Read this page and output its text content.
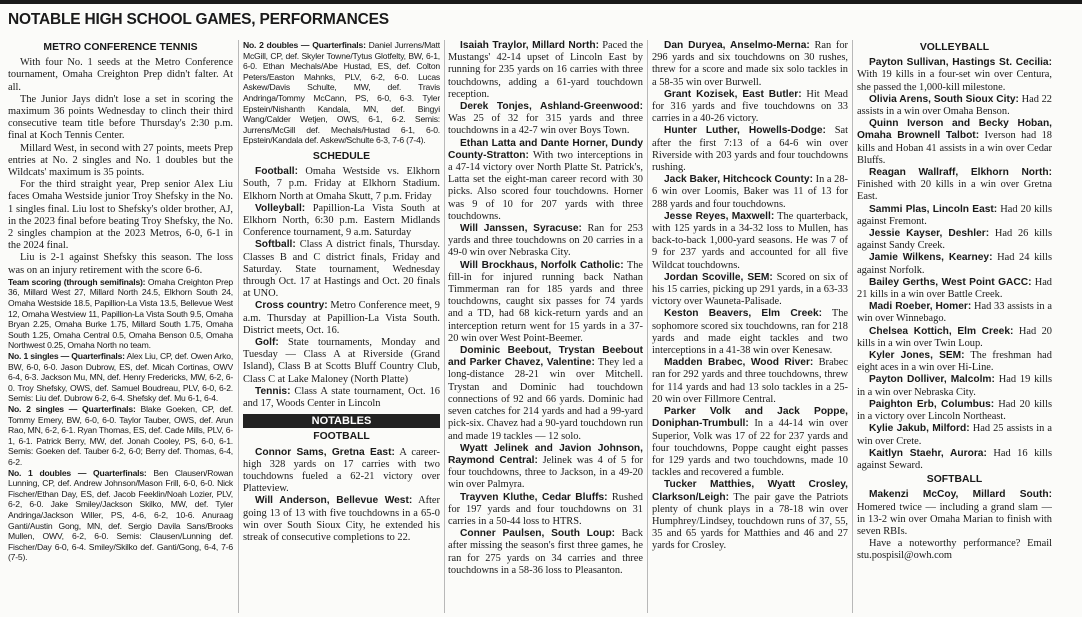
NOTABLE HIGH SCHOOL GAMES, PERFORMANCES
METRO CONFERENCE TENNIS

With four No. 1 seeds at the Metro Conference tournament, Omaha Creighton Prep didn't falter. At all.

The Junior Jays didn't lose a set in scoring the maximum 36 points Wednesday to clinch their third consecutive team title before Thursday's 2:30 p.m. final at Koch Tennis Center.

Millard West, in second with 27 points, meets Prep entries at No. 2 singles and No. 1 doubles but the Wildcats' maximum is 35 points.

For the third straight year, Prep senior Alex Liu faces Omaha Westside junior Troy Shefsky in the No. 1 singles final. Liu lost to Shefsky's older brother, AJ, in the 2023 final before beating Troy Shefsky, the No. 2 singles champion at the 2023 Metros, 6-0, 6-1 in the 2024 final.

Liu is 2-1 against Shefsky this season. The loss was on an injury retirement with the score 6-6.

Team scoring (through semifinals): Omaha Creighton Prep 36, Millard West 27, Millard North 24.5, Elkhorn South 24, Omaha Westside 18.5, Papillion-La Vista 13.5, Bellevue West 12, Omaha Westview 11, Papillion-La Vista South 9.5, Omaha Bryan 2.25, Omaha Burke 1.75, Millard South 1.75, Omaha South 1.25, Omaha Central 0.5, Omaha Benson 0.5, Omaha Northwest 0.25, Omaha North no team.

No. 1 singles — Quarterfinals: Alex Liu, CP, def. Owen Arko, BW, 6-0, 6-0. Jason Dubrow, ES, def. Micah Cortinas, OWV 6-4, 6-3. Jackson Mu, MN, def. Henry Fredericks, MW, 6-2, 6-0. Troy Shefsky, OWS, def. Samuel Boudreau, PLV, 6-0, 6-2. Semis: Liu def. Dubrow 6-2, 6-4. Shefsky def. Mu 6-1, 6-4.

No. 2 singles — Quarterfinals: Blake Goeken, CP, def. Tommy Emery, BW, 6-0, 6-0. Taylor Tauber, OWS, def. Arun Rao, MN, 6-2, 6-1. Ryan Thomas, ES, def. Cade Mills, PLV, 6-1, 6-1. Patrick Berry, MW, def. Jonah Cooley, PS, 6-0, 6-1. Semis: Goeken def. Tauber 6-2, 6-0; Berry def. Thomas, 6-4, 6-2.

No. 1 doubles — Quarterfinals: Ben Clausen/Rowan Lunning, CP, def. Andrew Johnson/Mason Frill, 6-0, 6-0. Nick Fischer/Ethan Day, ES, def. Jacob Feeklin/Noah Lozier, PLV, 6-2, 6-0. Jake Smiley/Jackson Skilko, MW, def. Tyler Andringa/Jackson Willer, PS, 4-6, 6-2, 10-6. Anuraag Ganti/Austin Gong, MN, def. Sergio Davila Sans/Brooks Mullen, OWV, 6-2, 6-0. Semis: Clausen/Lunning def. Fischer/Day 6-0, 6-4. Smiley/Skilko def. Ganti/Gong, 6-4, 7-6 (7-5).

No. 2 doubles — Quarterfinals: Daniel Jurrens/Matt McGill, CP, def. Skyler Towne/Tytus Glotfelty, BW, 6-1, 6-0. Ethan Mechals/Abe Hustad, ES, def. Colton Peters/Easton Mahnks, PLV, 6-2, 6-0. Lucas Askew/Davis Schulte, MW, def. Travis Andringa/Tommy McCann, PS, 6-0, 6-3. Tyler Epstein/Nishanth Kandala, MN, def. Bingyi Wang/Calder Wetjen, OWS, 6-1, 6-2. Semis: Jurrens/McGill def. Mechals/Hustad 6-1, 6-0. Epstein/Kandala def. Askew/Schulte 6-3, 7-6 (7-4).

SCHEDULE

Football: Omaha Westside vs. Elkhorn South, 7 p.m. Friday at Elkhorn Stadium. Elkhorn North at Omaha Skutt, 7 p.m. Friday

Volleyball: Papillion-La Vista South at Elkhorn North, 6:30 p.m. Eastern Midlands Conference tournament, 9 a.m. Saturday

Softball: Class A district finals, Thursday. Classes B and C district finals, Friday and Saturday. State tournament, Wednesday through Oct. 17 at Hastings and Oct. 20 finals at UNO.

Cross country: Metro Conference meet, 9 a.m. Thursday at Papillion-La Vista South. District meets, Oct. 16.

Golf: State tournaments, Monday and Tuesday — Class A at Riverside (Grand Island), Class B at Scotts Bluff Country Club, Class C at Lake Maloney (North Platte)

Tennis: Class A state tournament, Oct. 16 and 17, Woods Center in Lincoln

NOTABLES
FOOTBALL

Connor Sams, Gretna East: A career-high 328 yards on 17 carries with two touchdowns fueled a 62-21 victory over Platteview.

Will Anderson, Bellevue West: After going 13 of 13 with five touchdowns in a 65-0 win over South Sioux City, he extended his streak of consecutive completions to 22.

Isaiah Traylor, Millard North: Paced the Mustangs' 42-14 upset of Lincoln East by running for 235 yards on 16 carries with three touchdowns, adding a 61-yard touchdown reception.

Derek Tonjes, Ashland-Greenwood: Was 25 of 32 for 315 yards and three touchdowns in a 42-7 win over Boys Town.

Ethan Latta and Dante Horner, Dundy County-Stratton: With two interceptions in a 47-14 victory over North Platte St. Patrick's, Latta set the eight-man career record with 30 picks. Also scored four touchdowns. Horner was 9 of 10 for 207 yards with three touchdowns.

Will Janssen, Syracuse: Ran for 253 yards and three touchdowns on 20 carries in a 49-0 win over Nebraska City.

Will Brockhaus, Norfolk Catholic: The fill-in for injured running back Nathan Timmerman ran for 185 yards and three touchdowns, caught six passes for 74 yards and a TD, had 68 kick-return yards and an interception return went for 15 yards in a 37-20 win over West Point-Beemer.

Dominic Beebout, Trystan Beebout and Parker Chavez, Valentine: They led a long-distance 28-21 win over Mitchell. Trystan and Dominic had touchdown connections of 92 and 66 yards. Dominic had seven catches for 214 yards and had a 99-yard pick-six. Chavez had a 90-yard touchdown run and made 19 tackles — 12 solo.

Wyatt Jelinek and Javion Johnson, Raymond Central: Jelinek was 4 of 5 for four touchdowns, three to Jackson, in a 49-20 win over Palmyra.

Trayven Kluthe, Cedar Bluffs: Rushed for 197 yards and four touchdowns on 31 carries in a 50-44 loss to HTRS.

Conner Paulsen, South Loup: Back after missing the season's first three games, he ran for 275 yards on 34 carries and three touchdowns in a 58-36 loss to Pleasanton.

Dan Duryea, Anselmo-Merna: Ran for 296 yards and six touchdowns on 30 rushes, threw for a score and made six solo tackles in a 58-35 win over Burwell.

Grant Kozisek, East Butler: Hit Mead for 316 yards and five touchdowns on 33 carries in a 40-26 victory.

Hunter Luther, Howells-Dodge: Sat after the first 7:13 of a 64-6 win over Riverside with 203 yards and four touchdowns rushing.

Jack Baker, Hitchcock County: In a 28-6 win over Loomis, Baker was 11 of 13 for 288 yards and four touchdowns.

Jesse Reyes, Maxwell: The quarterback, with 125 yards in a 34-32 loss to Mullen, has back-to-back 1,000-yard seasons. He was 7 of 9 for 237 yards and accounted for all five Wildcat touchdowns.

Jordan Scoville, SEM: Scored on six of his 15 carries, picking up 291 yards, in a 63-33 victory over Wauneta-Palisade.

Keston Beavers, Elm Creek: The sophomore scored six touchdowns, ran for 218 yards and made eight tackles and two interceptions in a 41-38 win over Kenesaw.

Madden Brabec, Wood River: Brabec ran for 292 yards and three touchdowns, threw for 114 yards and had 13 solo tackles in a 25-20 win over Fillmore Central.

Parker Volk and Jack Poppe, Doniphan-Trumbull: In a 44-14 win over Superior, Volk was 17 of 22 for 237 yards and four touchdowns, Poppe caught eight passes for 129 yards and two touchdowns, made 10 tackles and recovered a fumble.

Tucker Matthies, Wyatt Crosley, Clarkson/Leigh: The pair gave the Patriots plenty of chunk plays in a 78-18 win over Humphrey/Lindsey, touchdown runs of 37, 55, 35 and 65 yards for Matthies and 46 and 27 yards for Crosley.

VOLLEYBALL

Payton Sullivan, Hastings St. Cecilia: With 19 kills in a four-set win over Centura, she passed the 1,000-kill milestone.

Olivia Arens, South Sioux City: Had 22 assists in a win over Omaha Benson.

Quinn Iverson and Becky Hoban, Omaha Brownell Talbot: Iverson had 18 kills and Hoban 41 assists in a win over Cedar Bluffs.

Reagan Wallraff, Elkhorn North: Finished with 20 kills in a win over Gretna East.

Sammi Plas, Lincoln East: Had 20 kills against Fremont.

Jessie Kayser, Deshler: Had 26 kills against Sandy Creek.

Jamie Wilkens, Kearney: Had 24 kills against Norfolk.

Bailey Gerths, West Point GACC: Had 21 kills in a win over Battle Creek.

Madi Roeber, Homer: Had 33 assists in a win over Winnebago.

Chelsea Kottich, Elm Creek: Had 20 kills in a win over Twin Loup.

Kyler Jones, SEM: The freshman had eight aces in a win over Hi-Line.

Payton Dolliver, Malcolm: Had 19 kills in a win over Nebraska City.

Paighton Erb, Columbus: Had 20 kills in a victory over Lincoln Northeast.

Kylie Jakub, Milford: Had 25 assists in a win over Crete.

Kaitlyn Staehr, Aurora: Had 16 kills against Seward.

SOFTBALL

Makenzi McCoy, Millard South: Homered twice — including a grand slam — in 13-2 win over Omaha Marian to finish with seven RBIs.

Have a noteworthy performance? Email stu.pospisil@owh.com
